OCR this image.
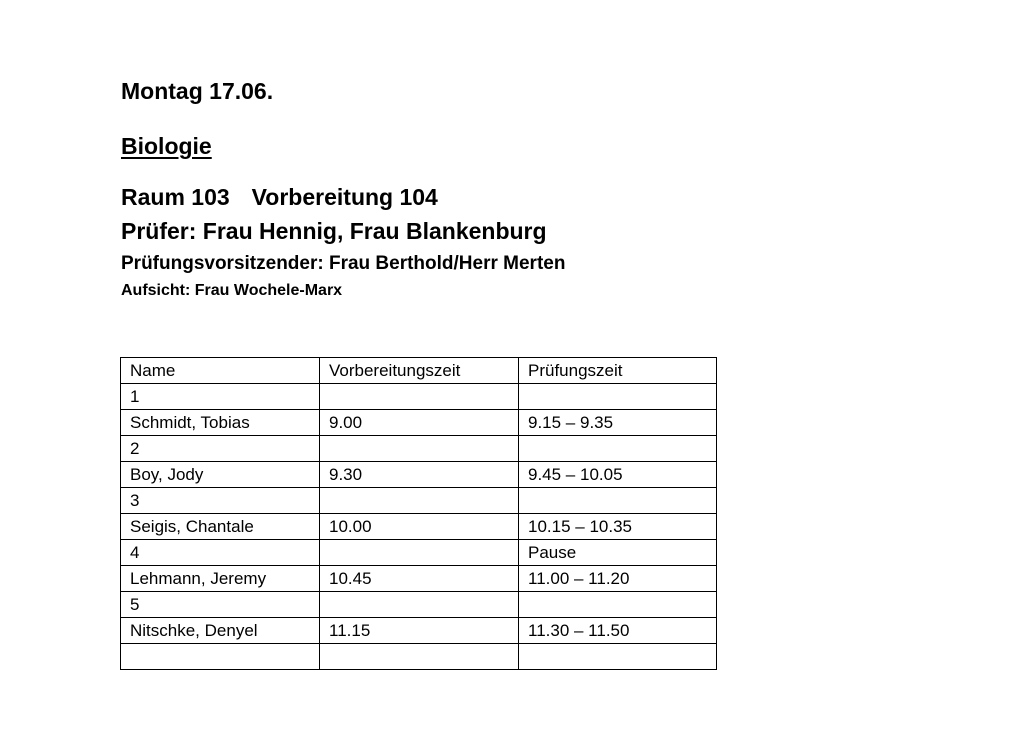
Montag 17.06.
Biologie
Raum 103 Vorbereitung 104
Prüfer: Frau Hennig, Frau Blankenburg
Prüfungsvorsitzender: Frau Berthold/Herr Merten
Aufsicht: Frau Wochele-Marx
Name	Vorbereitungszeit	Prüfungszeit
1		
Schmidt, Tobias	9.00	9.15 – 9.35
2		
Boy, Jody	9.30	9.45 – 10.05
3		
Seigis, Chantale	10.00	10.15 – 10.35
4		Pause
Lehmann, Jeremy	10.45	11.00 – 11.20
5		
Nitschke, Denyel	11.15	11.30 – 11.50
